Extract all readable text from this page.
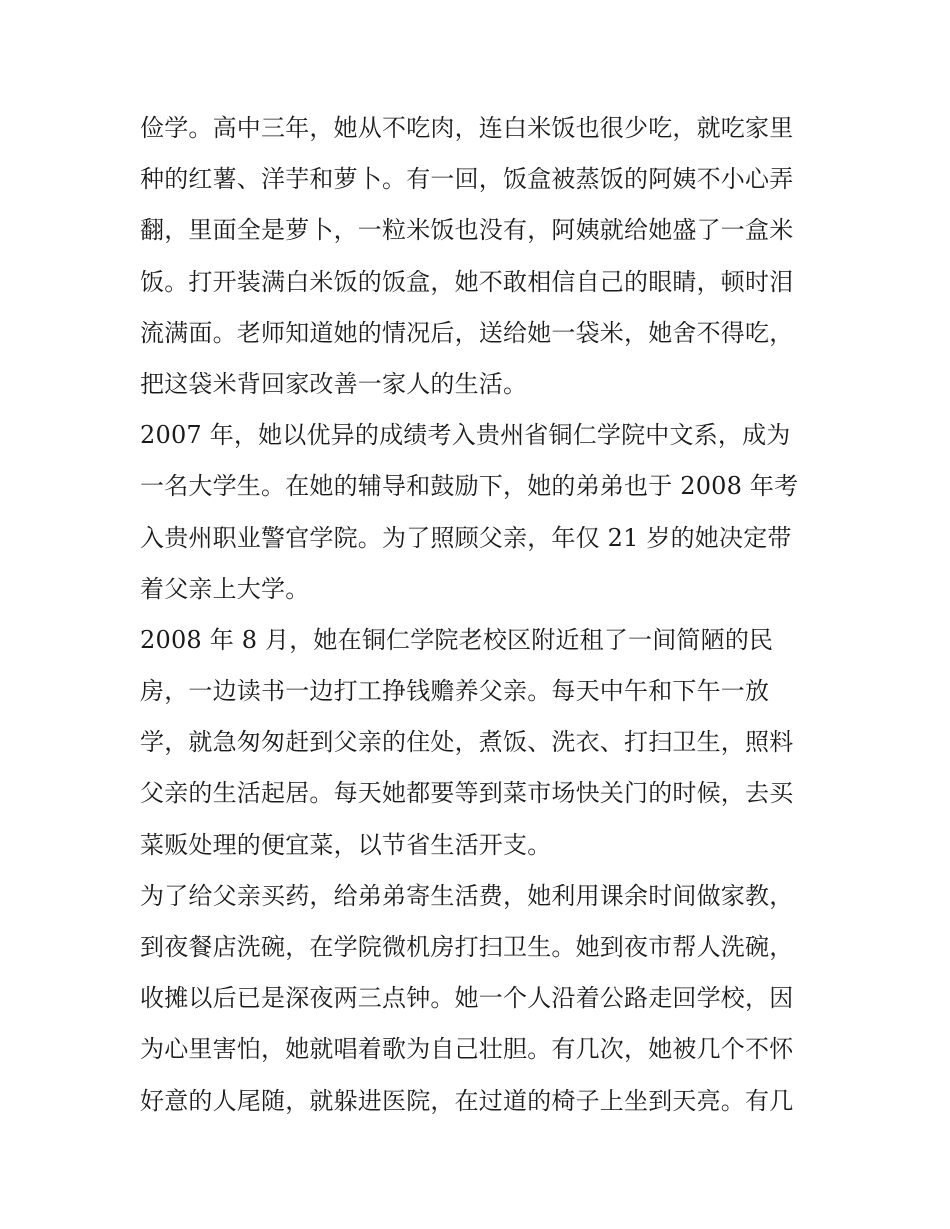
俭学。高中三年，她从不吃肉，连白米饭也很少吃，就吃家里
种的红薯、洋芋和萝卜。有一回，饭盒被蒸饭的阿姨不小心弄
翻，里面全是萝卜，一粒米饭也没有，阿姨就给她盛了一盒米
饭。打开装满白米饭的饭盒，她不敢相信自己的眼睛，顿时泪
流满面。老师知道她的情况后，送给她一袋米，她舍不得吃，
把这袋米背回家改善一家人的生活。
2007 年，她以优异的成绩考入贵州省铜仁学院中文系，成为
一名大学生。在她的辅导和鼓励下，她的弟弟也于 2008 年考
入贵州职业警官学院。为了照顾父亲，年仅 21 岁的她决定带
着父亲上大学。
2008 年 8 月，她在铜仁学院老校区附近租了一间简陋的民
房，一边读书一边打工挣钱赡养父亲。每天中午和下午一放
学，就急匆匆赶到父亲的住处，煮饭、洗衣、打扫卫生，照料
父亲的生活起居。每天她都要等到菜市场快关门的时候，去买
菜贩处理的便宜菜，以节省生活开支。
为了给父亲买药，给弟弟寄生活费，她利用课余时间做家教，
到夜餐店洗碗，在学院微机房打扫卫生。她到夜市帮人洗碗，
收摊以后已是深夜两三点钟。她一个人沿着公路走回学校，因
为心里害怕，她就唱着歌为自己壮胆。有几次，她被几个不怀
好意的人尾随，就躲进医院，在过道的椅子上坐到天亮。有几
